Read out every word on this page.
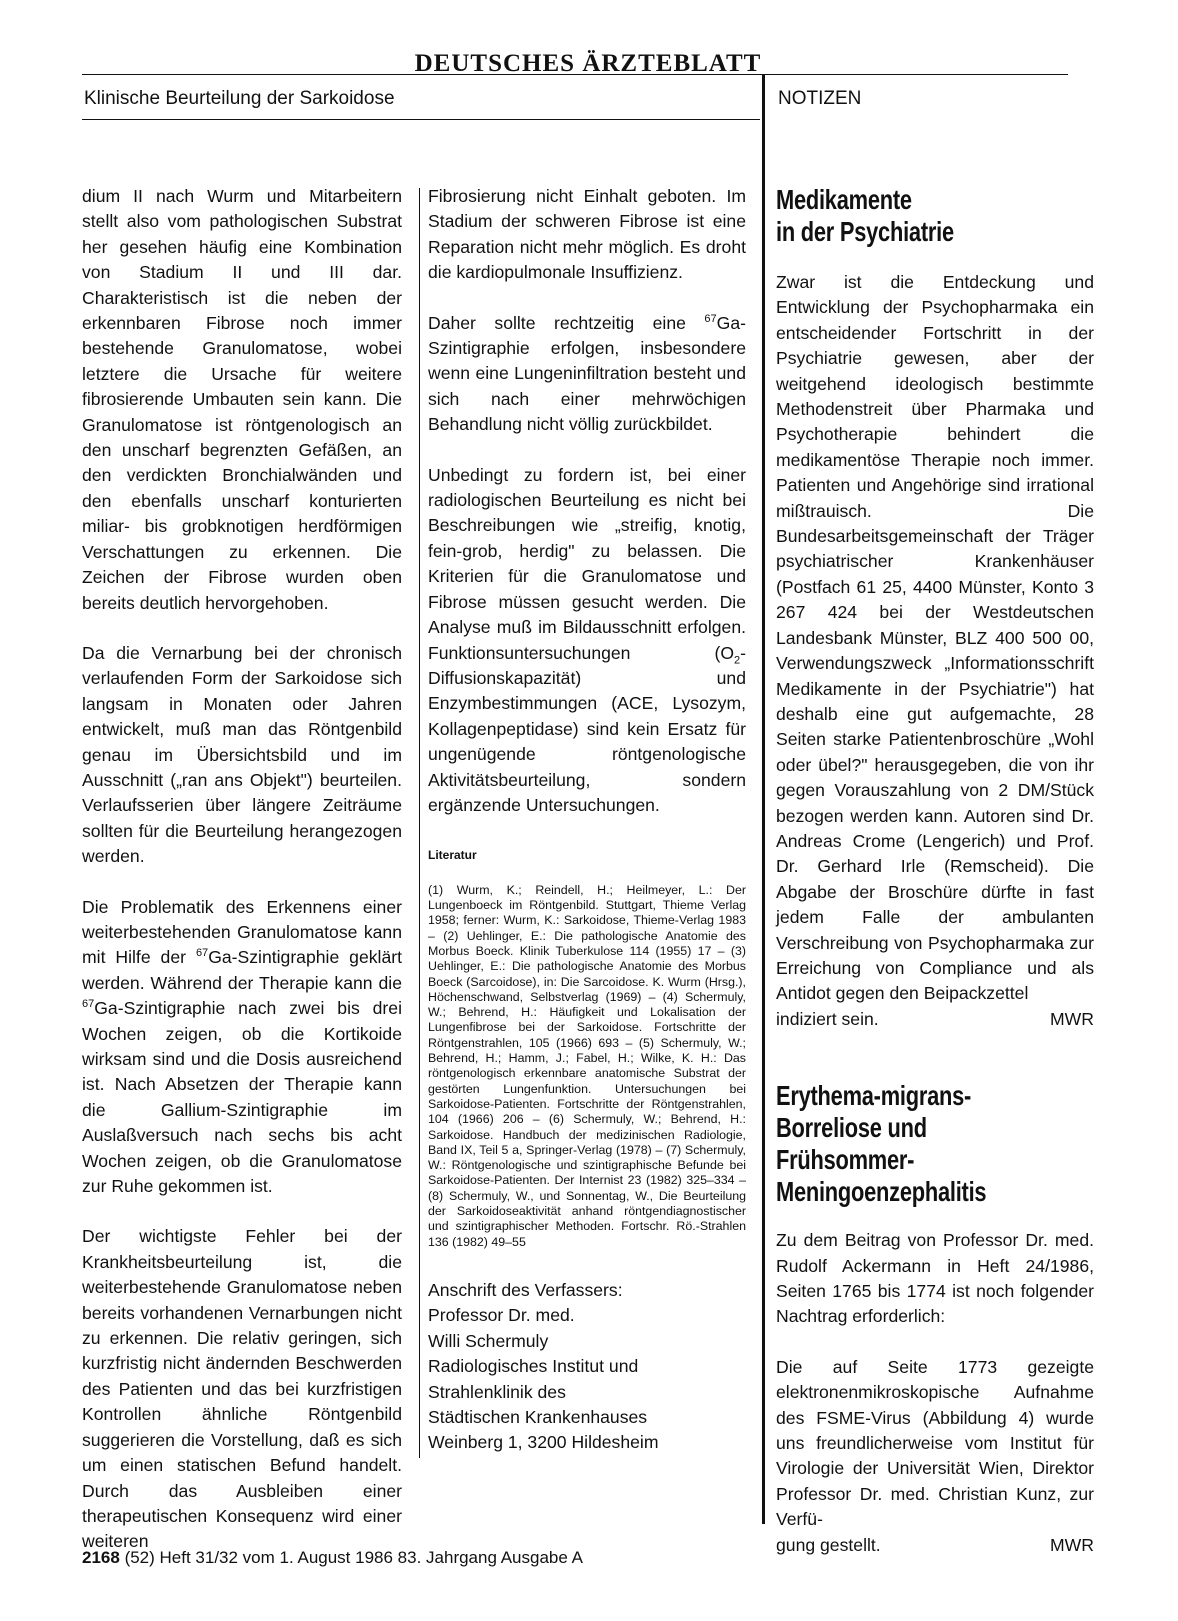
DEUTSCHES ÄRZTEBLATT
Klinische Beurteilung der Sarkoidose	NOTIZEN

dium II nach Wurm und Mitarbeitern stellt also vom pathologischen Substrat her gesehen häufig eine Kombination von Stadium II und III dar. Charakteristisch ist die neben der erkennbaren Fibrose noch immer bestehende Granulomatose, wobei letztere die Ursache für weitere fibrosierende Umbauten sein kann. Die Granulomatose ist röntgenologisch an den unscharf begrenzten Gefäßen, an den verdickten Bronchialwänden und den ebenfalls unscharf konturierten miliar- bis grobknotigen herdförmigen Verschattungen zu erkennen. Die Zeichen der Fibrose wurden oben bereits deutlich hervorgehoben.

Da die Vernarbung bei der chronisch verlaufenden Form der Sarkoidose sich langsam in Monaten oder Jahren entwickelt, muß man das Röntgenbild genau im Übersichtsbild und im Ausschnitt („ran ans Objekt") beurteilen. Verlaufsserien über längere Zeiträume sollten für die Beurteilung herangezogen werden.

Die Problematik des Erkennens einer weiterbestehenden Granulomatose kann mit Hilfe der $^{67}$Ga-Szintigraphie geklärt werden. Während der Therapie kann die $^{67}$Ga-Szintigraphie nach zwei bis drei Wochen zeigen, ob die Kortikoide wirksam sind und die Dosis ausreichend ist. Nach Absetzen der Therapie kann die Gallium-Szintigraphie im Auslaßversuch nach sechs bis acht Wochen zeigen, ob die Granulomatose zur Ruhe gekommen ist.

Der wichtigste Fehler bei der Krankheitsbeurteilung ist, die weiterbestehende Granulomatose neben bereits vorhandenen Vernarbungen nicht zu erkennen. Die relativ geringen, sich kurzfristig nicht ändernden Beschwerden des Patienten und das bei kurzfristigen Kontrollen ähnliche Röntgenbild suggerieren die Vorstellung, daß es sich um einen statischen Befund handelt. Durch das Ausbleiben einer therapeutischen Konsequenz wird einer weiteren

Fibrosierung nicht Einhalt geboten. Im Stadium der schweren Fibrose ist eine Reparation nicht mehr möglich. Es droht die kardiopulmonale Insuffizienz.

Daher sollte rechtzeitig eine $^{67}$Ga-Szintigraphie erfolgen, insbesondere wenn eine Lungeninfiltration besteht und sich nach einer mehrwöchigen Behandlung nicht völlig zurückbildet.

Unbedingt zu fordern ist, bei einer radiologischen Beurteilung es nicht bei Beschreibungen wie „streifig, knotig, fein-grob, herdig" zu belassen. Die Kriterien für die Granulomatose und Fibrose müssen gesucht werden. Die Analyse muß im Bildausschnitt erfolgen. Funktionsuntersuchungen $(O_2-Diffusionskapazität)$ und Enzymbestimmungen (ACE, Lysozym, Kollagenpeptidase) sind kein Ersatz für ungenügende röntgenologische Aktivitätsbeurteilung, sondern ergänzende Untersuchungen.

Literatur
(1) Wurm, K.; Reindell, H.; Heilmeyer, L.: Der Lungenboeck im Röntgenbild. Stuttgart, Thieme Verlag 1958; ferner: Wurm, K.: Sarkoidose, Thieme-Verlag 1983 – (2) Uehlinger, E.: Die pathologische Anatomie des Morbus Boeck. Klinik Tuberkulose 114 (1955) 17 – (3) Uehlinger, E.: Die pathologische Anatomie des Morbus Boeck (Sarcoidose), in: Die Sarcoidose. K. Wurm (Hrsg.), Höchenschwand, Selbstverlag (1969) – (4) Schermuly, W.; Behrend, H.: Häufigkeit und Lokalisation der Lungenfibrose bei der Sarkoidose. Fortschritte der Röntgenstrahlen, 105 (1966) 693 – (5) Schermuly, W.; Behrend, H.; Hamm, J.; Fabel, H.; Wilke, K. H.: Das röntgenologisch erkennbare anatomische Substrat der gestörten Lungenfunktion. Untersuchungen bei Sarkoidose-Patienten. Fortschritte der Röntgenstrahlen, 104 (1966) 206 – (6) Schermuly, W.; Behrend, H.: Sarkoidose. Handbuch der medizinischen Radiologie, Band IX, Teil 5 a, Springer-Verlag (1978) – (7) Schermuly, W.: Röntgenologische und szintigraphische Befunde bei Sarkoidose-Patienten. Der Internist 23 (1982) 325–334 – (8) Schermuly, W., und Sonnentag, W., Die Beurteilung der Sarkoidoseaktivität anhand röntgendiagnostischer und szintigraphischer Methoden. Fortschr. Rö.-Strahlen 136 (1982) 49–55
Anschrift des Verfassers:
Professor Dr. med.
Willi Schermuly
Radiologisches Institut und
Strahlenklinik des
Städtischen Krankenhauses
Weinberg 1, 3200 Hildesheim
Medikamente
in der Psychiatrie

Zwar ist die Entdeckung und Entwicklung der Psychopharmaka ein entscheidender Fortschritt in der Psychiatrie gewesen, aber der weitgehend ideologisch bestimmte Methodenstreit über Pharmaka und Psychotherapie behindert die medikamentöse Therapie noch immer. Patienten und Angehörige sind irrational mißtrauisch. Die Bundesarbeitsgemeinschaft der Träger psychiatrischer Krankenhäuser (Postfach 61 25, 4400 Münster, Konto 3 267 424 bei der Westdeutschen Landesbank Münster, BLZ 400 500 00, Verwendungszweck „Informationsschrift Medikamente in der Psychiatrie") hat deshalb eine gut aufgemachte, 28 Seiten starke Patientenbroschüre „Wohl oder übel?" herausgegeben, die von ihr gegen Vorauszahlung von 2 DM/Stück bezogen werden kann. Autoren sind Dr. Andreas Crome (Lengerich) und Prof. Dr. Gerhard Irle (Remscheid). Die Abgabe der Broschüre dürfte in fast jedem Falle der ambulanten Verschreibung von Psychopharmaka zur Erreichung von Compliance und als Antidot gegen den Beipackzettel

indiziert sein.	MWR
Erythema-migrans-
Borreliose und
Frühsommer-
Meningoenzephalitis

Zu dem Beitrag von Professor Dr. med. Rudolf Ackermann in Heft 24/1986, Seiten 1765 bis 1774 ist noch folgender Nachtrag erforderlich:

Die auf Seite 1773 gezeigte elektronenmikroskopische Aufnahme des FSME-Virus (Abbildung 4) wurde uns freundlicherweise vom Institut für Virologie der Universität Wien, Direktor Professor Dr. med. Christian Kunz, zur Verfü-

gung gestellt.	MWR
2168 (52) Heft 31/32 vom 1. August 1986 83. Jahrgang Ausgabe A
